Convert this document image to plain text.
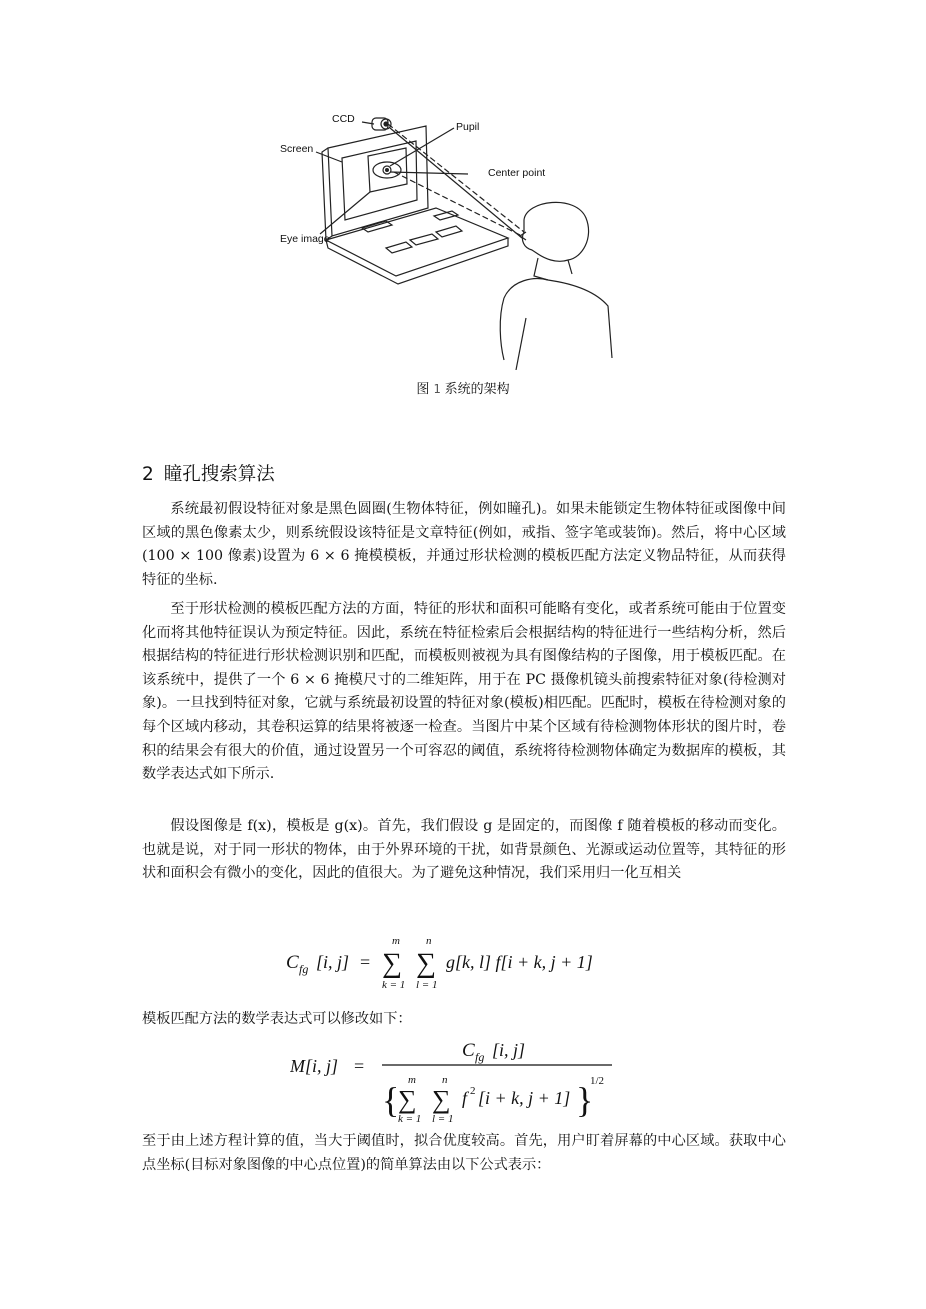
CCD
Pupil
Screen
Center point
Eye image
图 1 系统的架构
2 瞳孔搜索算法

系统最初假设特征对象是黑色圆圈(生物体特征，例如瞳孔)。如果未能锁定生物体特征或图像中间区域的黑色像素太少，则系统假设该特征是文章特征(例如，戒指、签字笔或装饰)。然后，将中心区域(100 × 100 像素)设置为 6 × 6 掩模模板，并通过形状检测的模板匹配方法定义物品特征，从而获得特征的坐标.

至于形状检测的模板匹配方法的方面，特征的形状和面积可能略有变化，或者系统可能由于位置变化而将其他特征误认为预定特征。因此，系统在特征检索后会根据结构的特征进行一些结构分析，然后根据结构的特征进行形状检测识别和匹配，而模板则被视为具有图像结构的子图像，用于模板匹配。在该系统中，提供了一个 6 × 6 掩模尺寸的二维矩阵，用于在 PC 摄像机镜头前搜索特征对象(待检测对象)。一旦找到特征对象，它就与系统最初设置的特征对象(模板)相匹配。匹配时，模板在待检测对象的每个区域内移动，其卷积运算的结果将被逐一检查。当图片中某个区域有待检测物体形状的图片时，卷积的结果会有很大的价值，通过设置另一个可容忍的阈值，系统将待检测物体确定为数据库的模板，其数学表达式如下所示.

假设图像是 f(x)，模板是 g(x)。首先，我们假设 g 是固定的，而图像 f 随着模板的移动而变化。也就是说，对于同一形状的物体，由于外界环境的干扰，如背景颜色、光源或运动位置等，其特征的形状和面积会有微小的变化，因此的值很大。为了避免这种情况，我们采用归一化互相关

C fg [i, j] =
m
∑
k = 1
n
∑
l = 1
g[k, l] f[i + k, j + 1]

模板匹配方法的数学表达式可以修改如下：

M[i, j] =
C fg [i, j]
{ m
∑
k = 1
n
∑
l = 1
f 2 [i + k, j + 1] }
1/2

至于由上述方程计算的值，当大于阈值时，拟合优度较高。首先，用户盯着屏幕的中心区域。获取中心点坐标(目标对象图像的中心点位置)的简单算法由以下公式表示：
